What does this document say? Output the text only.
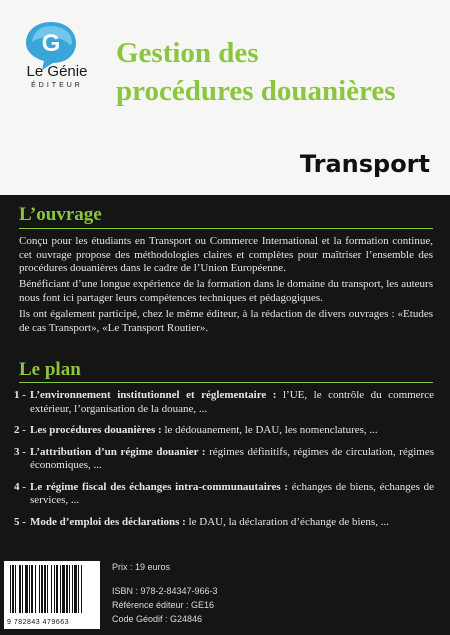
G
Le Génie
ÉDITEUR
Gestion des
procédures douanières
Transport
L’ouvrage

Conçu pour les étudiants en Transport ou Commerce International et la formation continue, cet ouvrage propose des méthodologies claires et complètes pour maîtriser l’ensemble des procédures douanières dans le cadre de l’Union Européenne.

Bénéficiant d’une longue expérience de la formation dans le domaine du transport, les auteurs nous font ici partager leurs compétences techniques et pédagogiques.

Ils ont également participé, chez le même éditeur, à la rédaction de divers ouvrages : «Etudes de cas Transport», «Le Transport Routier».

Le plan
1 - L’environnement institutionnel et réglementaire : l’UE, le contrôle du commerce extérieur, l’organisation de la douane, ...
2 - Les procédures douanières : le dédouanement, le DAU, les nomenclatures, ...
3 - L’attribution d’un régime douanier : régimes définitifs, régimes de circulation, régimes économiques, ...
4 - Le régime fiscal des échanges intra-communautaires : échanges de biens, échanges de services, ...
5 - Mode d’emploi des déclarations : le DAU, la déclaration d’échange de biens, ...
9 782843 479663
Prix : 19 euros
ISBN : 978-2-84347-966-3
Référence éditeur : GE16
Code Géodif : G24846
